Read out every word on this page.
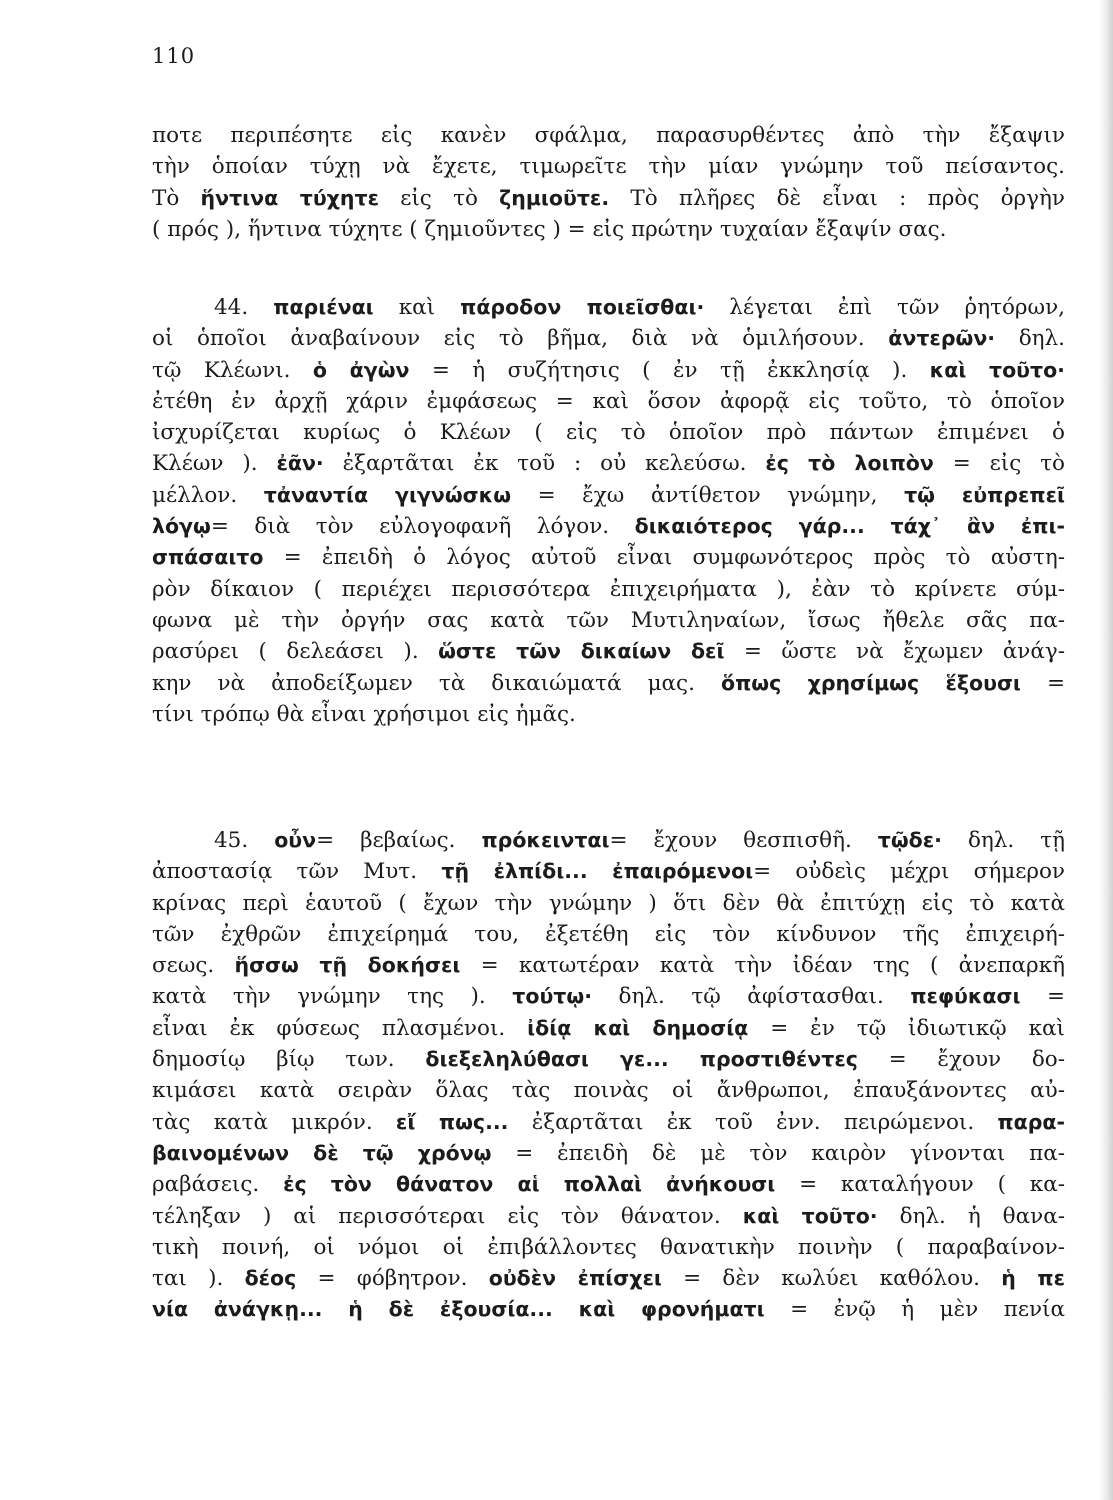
110
ποτε περιπέσητε εἰς κανὲν σφάλμα, παρασυρθέντες ἀπὸ τὴν ἔξαψιν
τὴν ὁποίαν τύχῃ νὰ ἔχετε, τιμωρεῖτε τὴν μίαν γνώμην τοῦ πείσαντος.
Τὸ ἥντινα τύχητε εἰς τὸ ζημιοῦτε. Τὸ πλῆρες δὲ εἶναι : πρὸς ὀργὴν
( πρός ), ἥντινα τύχητε ( ζημιοῦντες ) = εἰς πρώτην τυχαίαν ἔξαψίν σας.
44. παριέναι καὶ πάροδον ποιεῖσθαι· λέγεται ἐπὶ τῶν ῥητόρων,
οἱ ὁποῖοι ἀναβαίνουν εἰς τὸ βῆμα, διὰ νὰ ὁμιλήσουν. ἀντερῶν· δηλ.
τῷ Κλέωνι. ὁ ἀγὼν = ἡ συζήτησις ( ἐν τῇ ἐκκλησίᾳ ). καὶ τοῦτο·
ἐτέθη ἐν ἀρχῇ χάριν ἐμφάσεως = καὶ ὅσον ἀφορᾷ εἰς τοῦτο, τὸ ὁποῖον
ἰσχυρίζεται κυρίως ὁ Κλέων ( εἰς τὸ ὁποῖον πρὸ πάντων ἐπιμένει ὁ
Κλέων ). ἐᾶν· ἐξαρτᾶται ἐκ τοῦ : οὐ κελεύσω. ἐς τὸ λοιπὸν = εἰς τὸ
μέλλον. τἀναντία γιγνώσκω = ἔχω ἀντίθετον γνώμην, τῷ εὐπρεπεῖ
λόγῳ= διὰ τὸν εὐλογοφανῆ λόγον. δικαιότερος γάρ... τάχ᾽ ἂν ἐπι-
σπάσαιτο = ἐπειδὴ ὁ λόγος αὐτοῦ εἶναι συμφωνότερος πρὸς τὸ αὐστη-
ρὸν δίκαιον ( περιέχει περισσότερα ἐπιχειρήματα ), ἐὰν τὸ κρίνετε σύμ-
φωνα μὲ τὴν ὀργήν σας κατὰ τῶν Μυτιληναίων, ἴσως ἤθελε σᾶς πα-
ρασύρει ( δελεάσει ). ὥστε τῶν δικαίων δεῖ = ὥστε νὰ ἔχωμεν ἀνάγ-
κην νὰ ἀποδείξωμεν τὰ δικαιώματά μας. ὅπως χρησίμως ἕξουσι =
τίνι τρόπῳ θὰ εἶναι χρήσιμοι εἰς ἡμᾶς.
45. οὖν= βεβαίως. πρόκεινται= ἔχουν θεσπισθῆ. τῷδε· δηλ. τῇ
ἀποστασίᾳ τῶν Μυτ. τῇ ἐλπίδι... ἐπαιρόμενοι= οὐδεὶς μέχρι σήμερον
κρίνας περὶ ἑαυτοῦ ( ἔχων τὴν γνώμην ) ὅτι δὲν θὰ ἐπιτύχῃ εἰς τὸ κατὰ
τῶν ἐχθρῶν ἐπιχείρημά του, ἐξετέθη εἰς τὸν κίνδυνον τῆς ἐπιχειρή-
σεως. ἥσσω τῇ δοκήσει = κατωτέραν κατὰ τὴν ἰδέαν της ( ἀνεπαρκῆ
κατὰ τὴν γνώμην της ). τούτῳ· δηλ. τῷ ἀφίστασθαι. πεφύκασι =
εἶναι ἐκ φύσεως πλασμένοι. ἰδίᾳ καὶ δημοσίᾳ = ἐν τῷ ἰδιωτικῷ καὶ
δημοσίῳ βίῳ των. διεξεληλύθασι γε... προστιθέντες = ἔχουν δο-
κιμάσει κατὰ σειρὰν ὅλας τὰς ποινὰς οἱ ἄνθρωποι, ἐπαυξάνοντες αὐ-
τὰς κατὰ μικρόν. εἴ πως... ἐξαρτᾶται ἐκ τοῦ ἐνν. πειρώμενοι. παρα-
βαινομένων δὲ τῷ χρόνῳ = ἐπειδὴ δὲ μὲ τὸν καιρὸν γίνονται πα-
ραβάσεις. ἐς τὸν θάνατον αἱ πολλαὶ ἀνήκουσι = καταλήγουν ( κα-
τέληξαν ) αἱ περισσότεραι εἰς τὸν θάνατον. καὶ τοῦτο· δηλ. ἡ θανα-
τικὴ ποινή, οἱ νόμοι οἱ ἐπιβάλλοντες θανατικὴν ποινὴν ( παραβαίνον-
ται ). δέος = φόβητρον. οὐδὲν ἐπίσχει = δὲν κωλύει καθόλου. ἡ πε
νία ἀνάγκῃ... ἡ δὲ ἐξουσία... καὶ φρονήματι = ἐνῷ ἡ μὲν πενία
